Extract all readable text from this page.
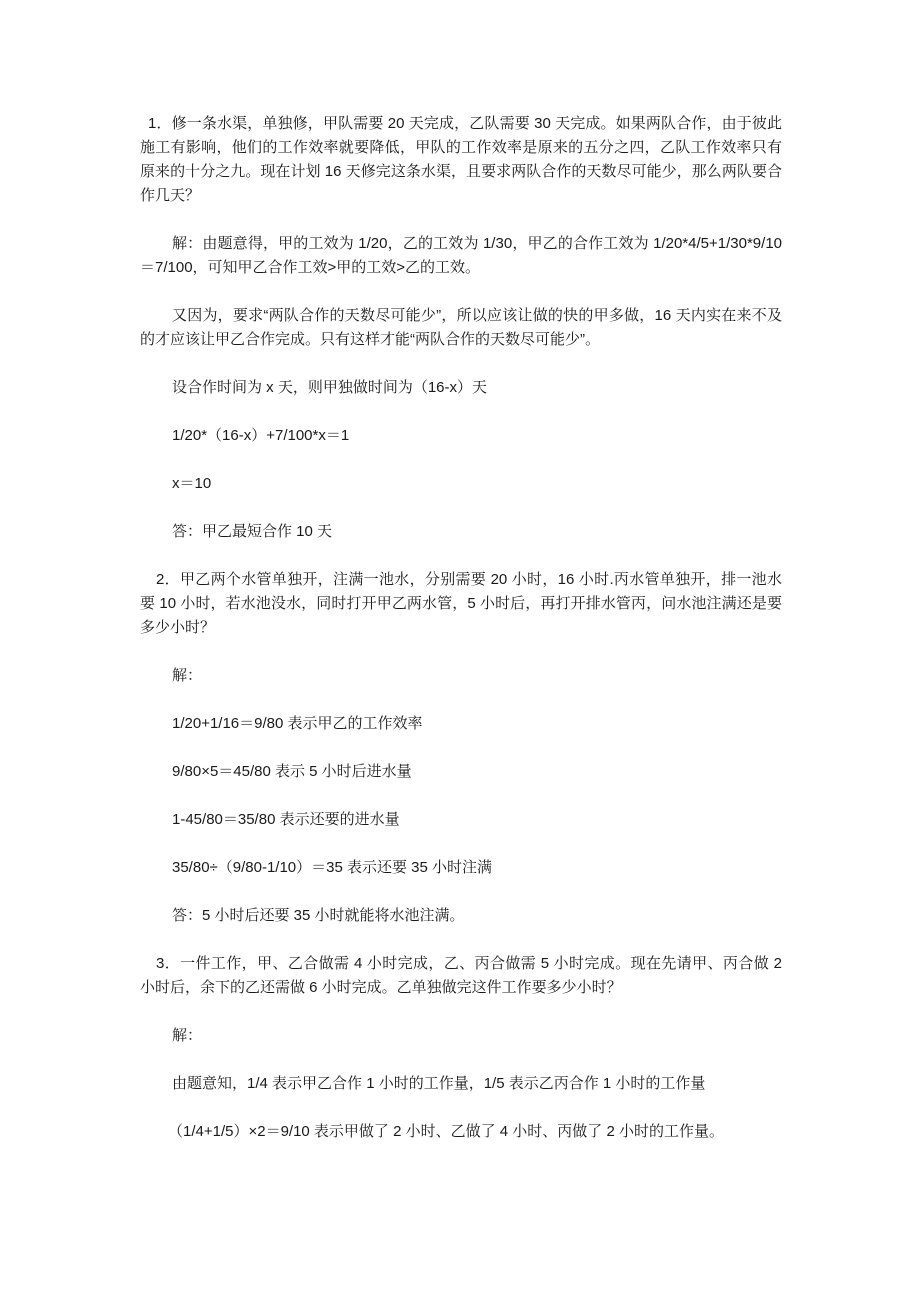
1．修一条水渠，单独修，甲队需要 20 天完成，乙队需要 30 天完成。如果两队合作，由于彼此施工有影响，他们的工作效率就要降低，甲队的工作效率是原来的五分之四，乙队工作效率只有原来的十分之九。现在计划 16 天修完这条水渠，且要求两队合作的天数尽可能少，那么两队要合作几天？

解：由题意得，甲的工效为 1/20，乙的工效为 1/30，甲乙的合作工效为 1/20*4/5+1/30*9/10＝7/100，可知甲乙合作工效>甲的工效>乙的工效。

又因为，要求“两队合作的天数尽可能少”，所以应该让做的快的甲多做，16 天内实在来不及的才应该让甲乙合作完成。只有这样才能“两队合作的天数尽可能少”。

设合作时间为 x 天，则甲独做时间为（16-x）天

1/20*（16-x）+7/100*x＝1

x＝10

答：甲乙最短合作 10 天

2．甲乙两个水管单独开，注满一池水，分别需要 20 小时，16 小时.丙水管单独开，排一池水要 10 小时，若水池没水，同时打开甲乙两水管，5 小时后，再打开排水管丙，问水池注满还是要多少小时？

解：

1/20+1/16＝9/80 表示甲乙的工作效率

9/80×5＝45/80 表示 5 小时后进水量

1-45/80＝35/80 表示还要的进水量

35/80÷（9/80-1/10）＝35 表示还要 35 小时注满

答：5 小时后还要 35 小时就能将水池注满。

3．一件工作，甲、乙合做需 4 小时完成，乙、丙合做需 5 小时完成。现在先请甲、丙合做 2 小时后，余下的乙还需做 6 小时完成。乙单独做完这件工作要多少小时？

解：

由题意知，1/4 表示甲乙合作 1 小时的工作量，1/5 表示乙丙合作 1 小时的工作量

（1/4+1/5）×2＝9/10 表示甲做了 2 小时、乙做了 4 小时、丙做了 2 小时的工作量。
